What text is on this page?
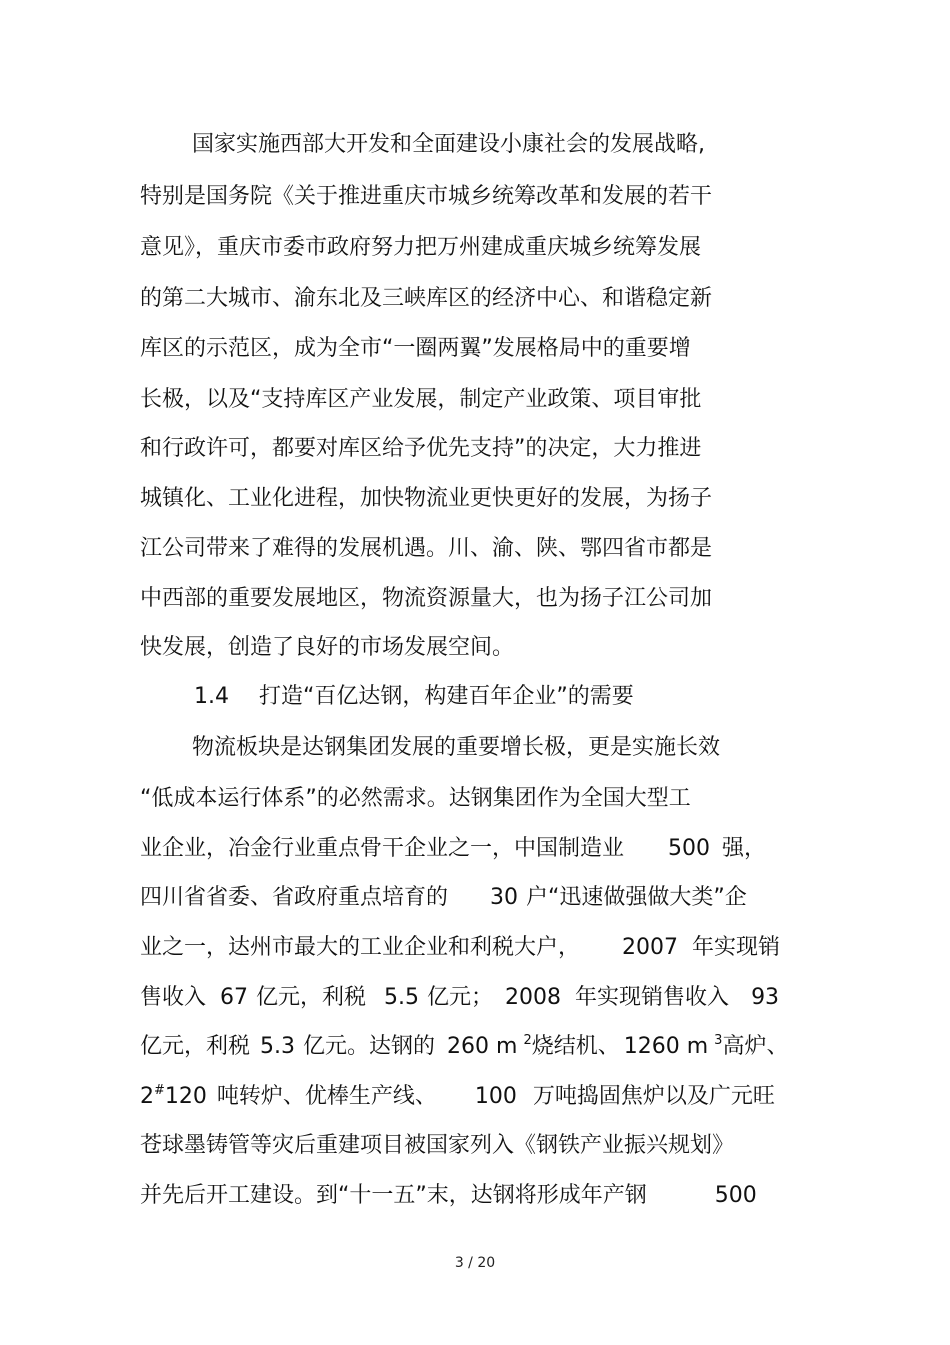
国家实施西部大开发和全面建设小康社会的发展战略,
特别是国务院《关于推进重庆市城乡统筹改革和发展的若干
意见》，重庆市委市政府努力把万州建成重庆城乡统筹发展
的第二大城市、渝东北及三峡库区的经济中心、和谐稳定新
库区的示范区，成为全市“一圈两翼”发展格局中的重要增
长极，以及“支持库区产业发展，制定产业政策、项目审批
和行政许可，都要对库区给予优先支持”的决定，大力推进
城镇化、工业化进程，加快物流业更快更好的发展，为扬子
江公司带来了难得的发展机遇。川、渝、陕、鄂四省市都是
中西部的重要发展地区，物流资源量大，也为扬子江公司加
快发展，创造了良好的市场发展空间。
1.4 打造“百亿达钢，构建百年企业”的需要
物流板块是达钢集团发展的重要增长极，更是实施长效
“低成本运行体系”的必然需求。达钢集团作为全国大型工
业企业，冶金行业重点骨干企业之一，中国制造业 500 强，
四川省省委、省政府重点培育的 30 户“迅速做强做大类”企
业之一，达州市最大的工业企业和利税大户， 2007 年实现销
售收入 67 亿元，利税 5.5 亿元； 2008 年实现销售收入 93
亿元，利税 5.3 亿元。达钢的 260 m $^2$烧结机、 1260 m $^3$高炉、
2#120 吨转炉、优棒生产线、 100 万吨捣固焦炉以及广元旺
苍球墨铸管等灾后重建项目被国家列入《钢铁产业振兴规划》
并先后开工建设。到“十一五”末，达钢将形成年产钢	500
3 / 20
